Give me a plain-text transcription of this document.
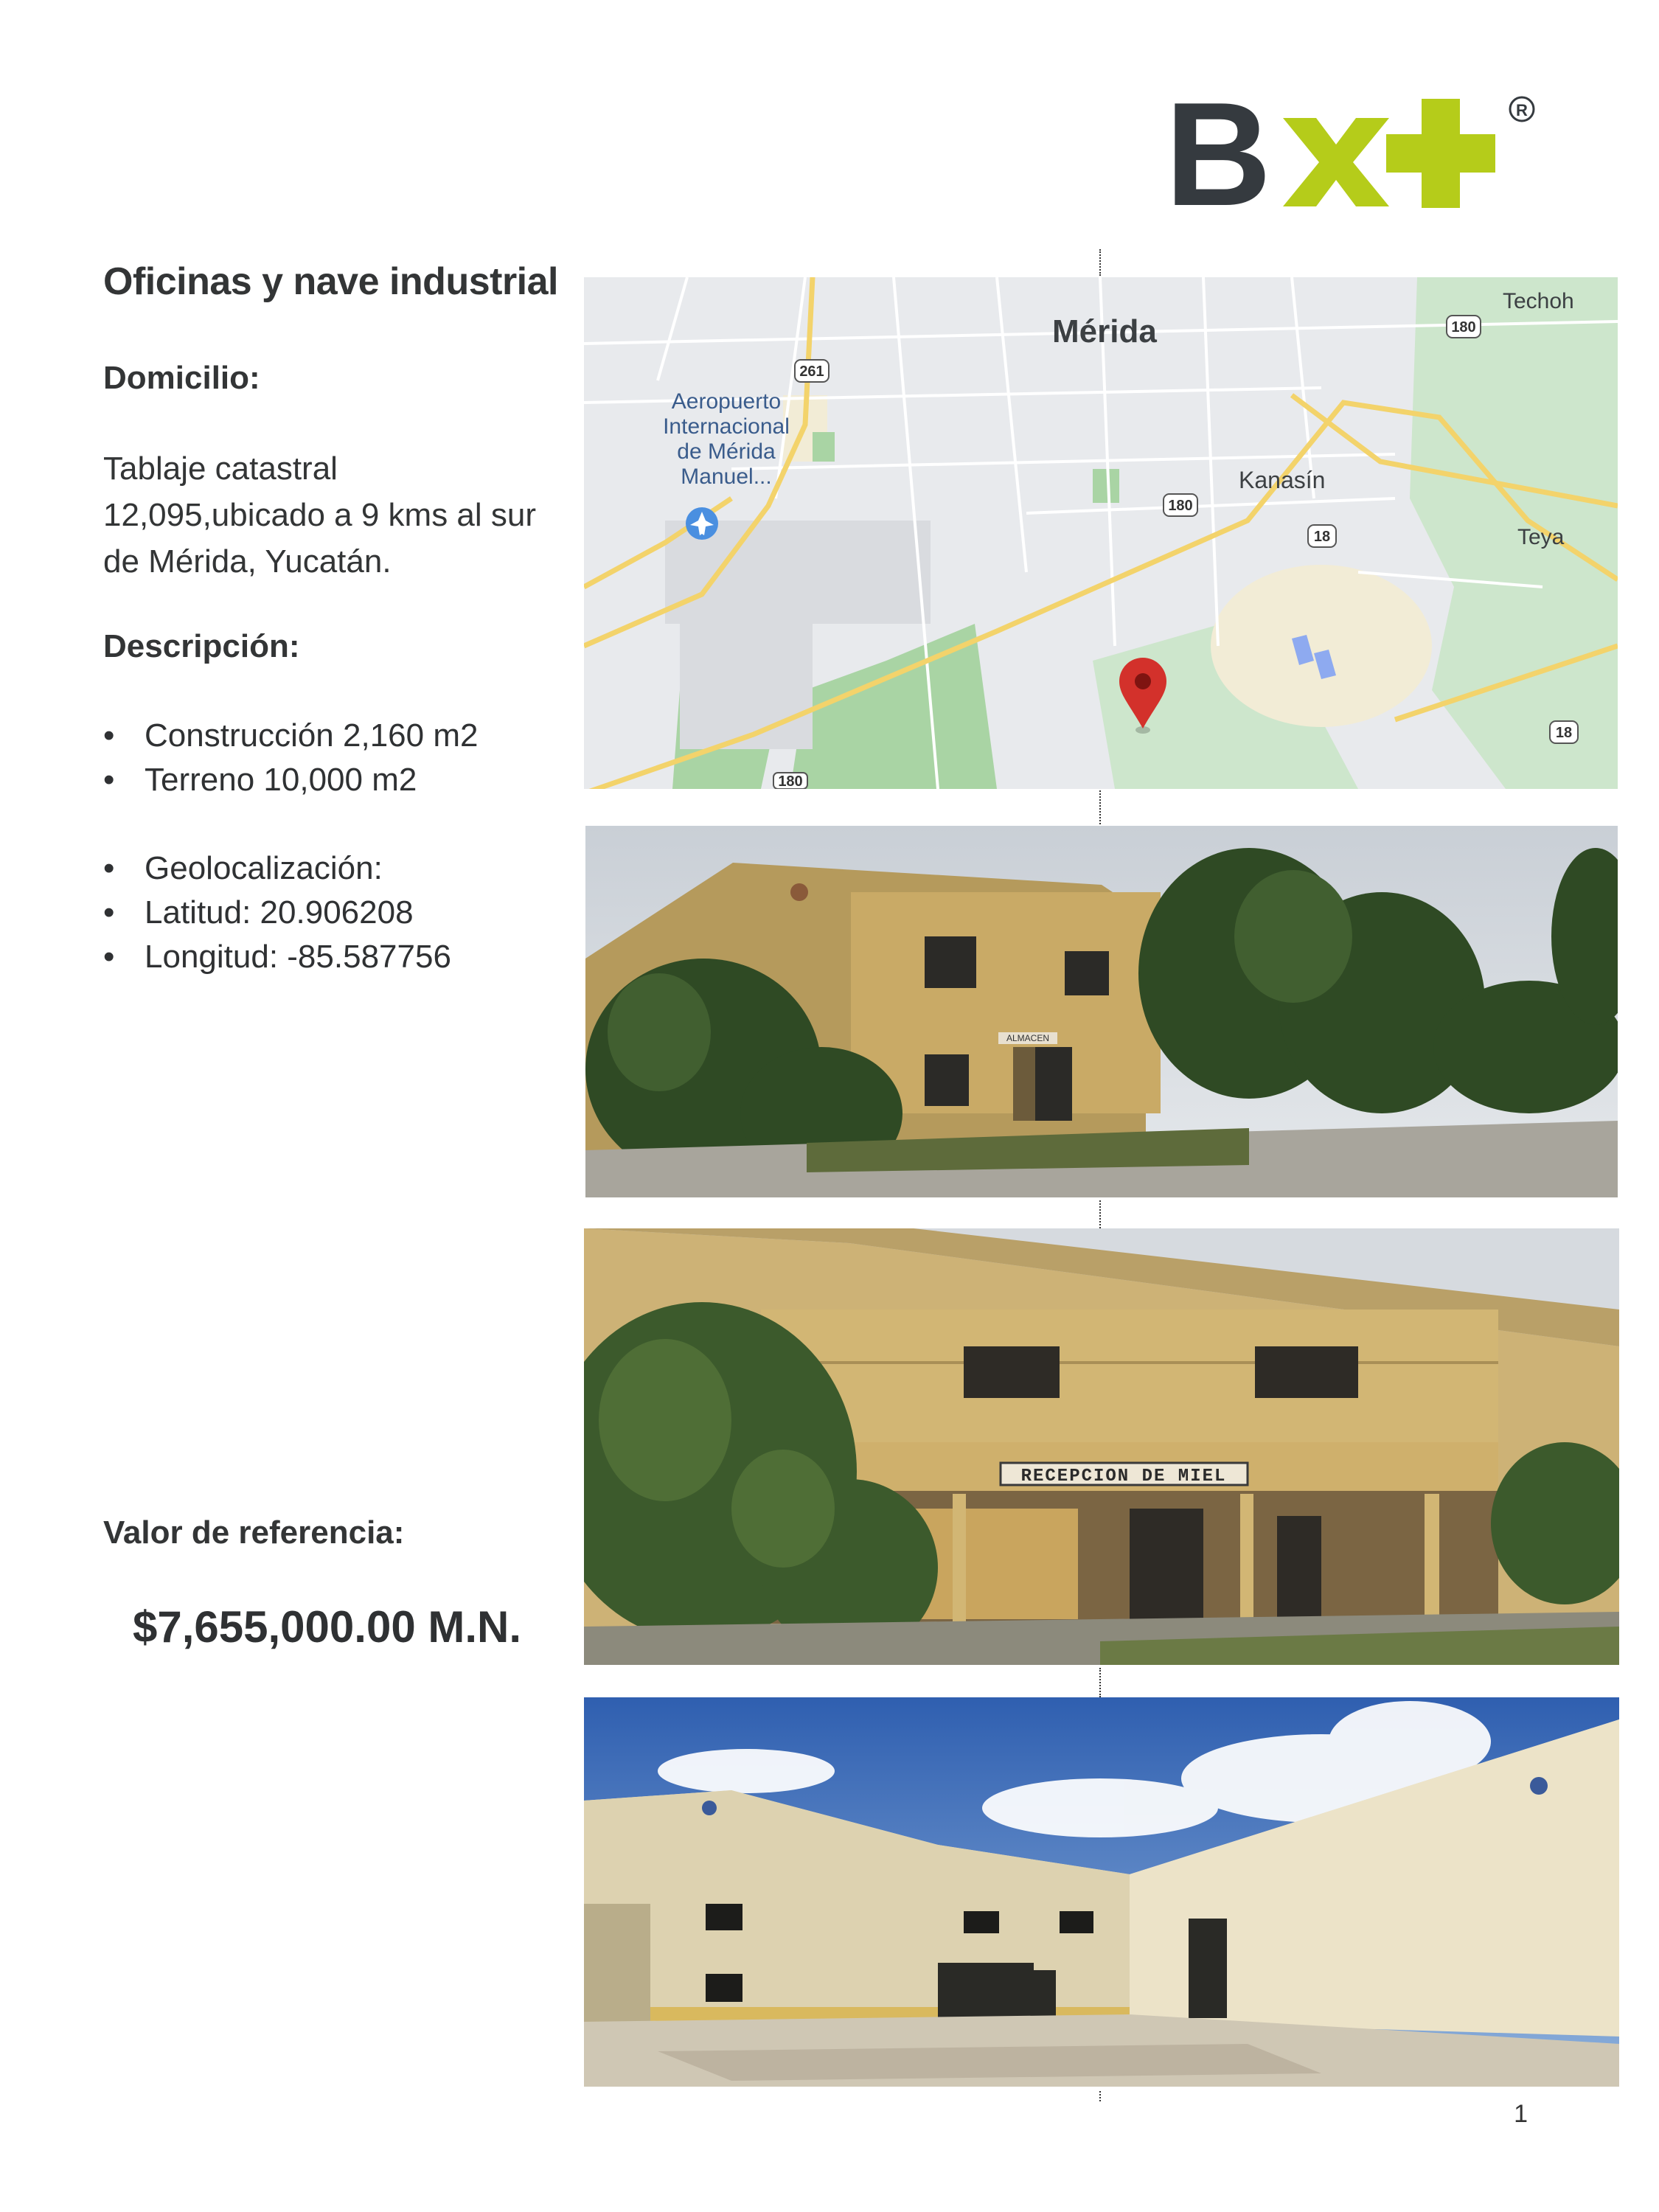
B	R
Oficinas y nave industrial
Domicilio:
Tablaje catastral
12,095,ubicado a 9 kms al sur
de Mérida, Yucatán.
Descripción:
• Construcción 2,160 m2
• Terreno 10,000 m2
• Geolocalización:
• Latitud: 20.906208
• Longitud: -85.587756
Valor de referencia:
$7,655,000.00 M.N.
261
180
180
180
18
18
Mérida
Aeropuerto
Internacional
de Mérida
Manuel...	Kanasín
Techoh
Teya
ALMACEN
RECEPCION DE MIEL
1
